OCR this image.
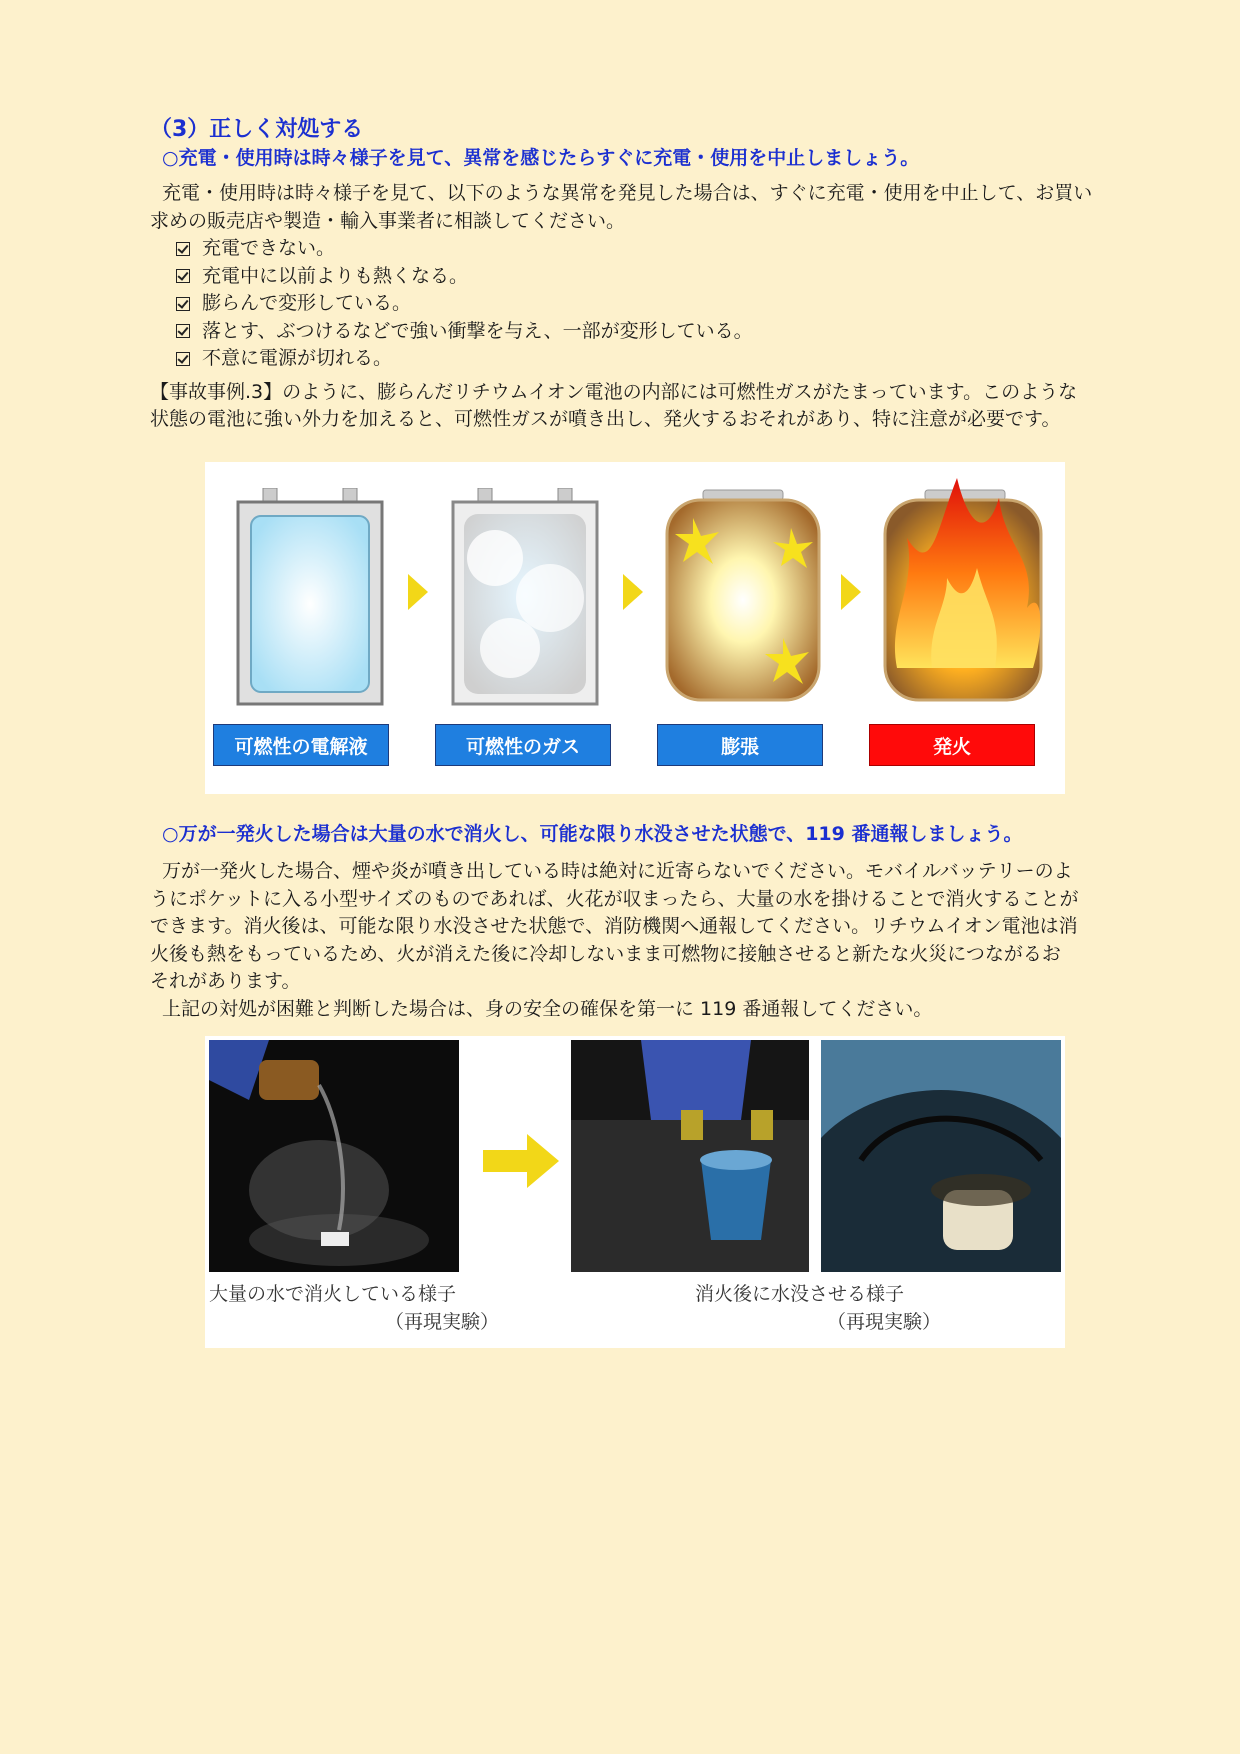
（3）正しく対処する

○充電・使用時は時々様子を見て、異常を感じたらすぐに充電・使用を中止しましょう。

充電・使用時は時々様子を見て、以下のような異常を発見した場合は、すぐに充電・使用を中止して、お買い
求めの販売店や製造・輸入事業者に相談してください。

充電できない。
充電中に以前よりも熱くなる。
膨らんで変形している。
落とす、ぶつけるなどで強い衝撃を与え、一部が変形している。
不意に電源が切れる。

【事故事例.3】のように、膨らんだリチウムイオン電池の内部には可燃性ガスがたまっています。このような
状態の電池に強い外力を加えると、可燃性ガスが噴き出し、発火するおそれがあり、特に注意が必要です。

可燃性の電解液	可燃性のガス	膨張	発火

○万が一発火した場合は大量の水で消火し、可能な限り水没させた状態で、119 番通報しましょう。

万が一発火した場合、煙や炎が噴き出している時は絶対に近寄らないでください。モバイルバッテリーのよ
うにポケットに入る小型サイズのものであれば、火花が収まったら、大量の水を掛けることで消火することが
できます。消火後は、可能な限り水没させた状態で、消防機関へ通報してください。リチウムイオン電池は消
火後も熱をもっているため、火が消えた後に冷却しないまま可燃物に接触させると新たな火災につながるお
それがあります。
上記の対処が困難と判断した場合は、身の安全の確保を第一に 119 番通報してください。

大量の水で消火している様子
（再現実験）
消火後に水没させる様子
（再現実験）
